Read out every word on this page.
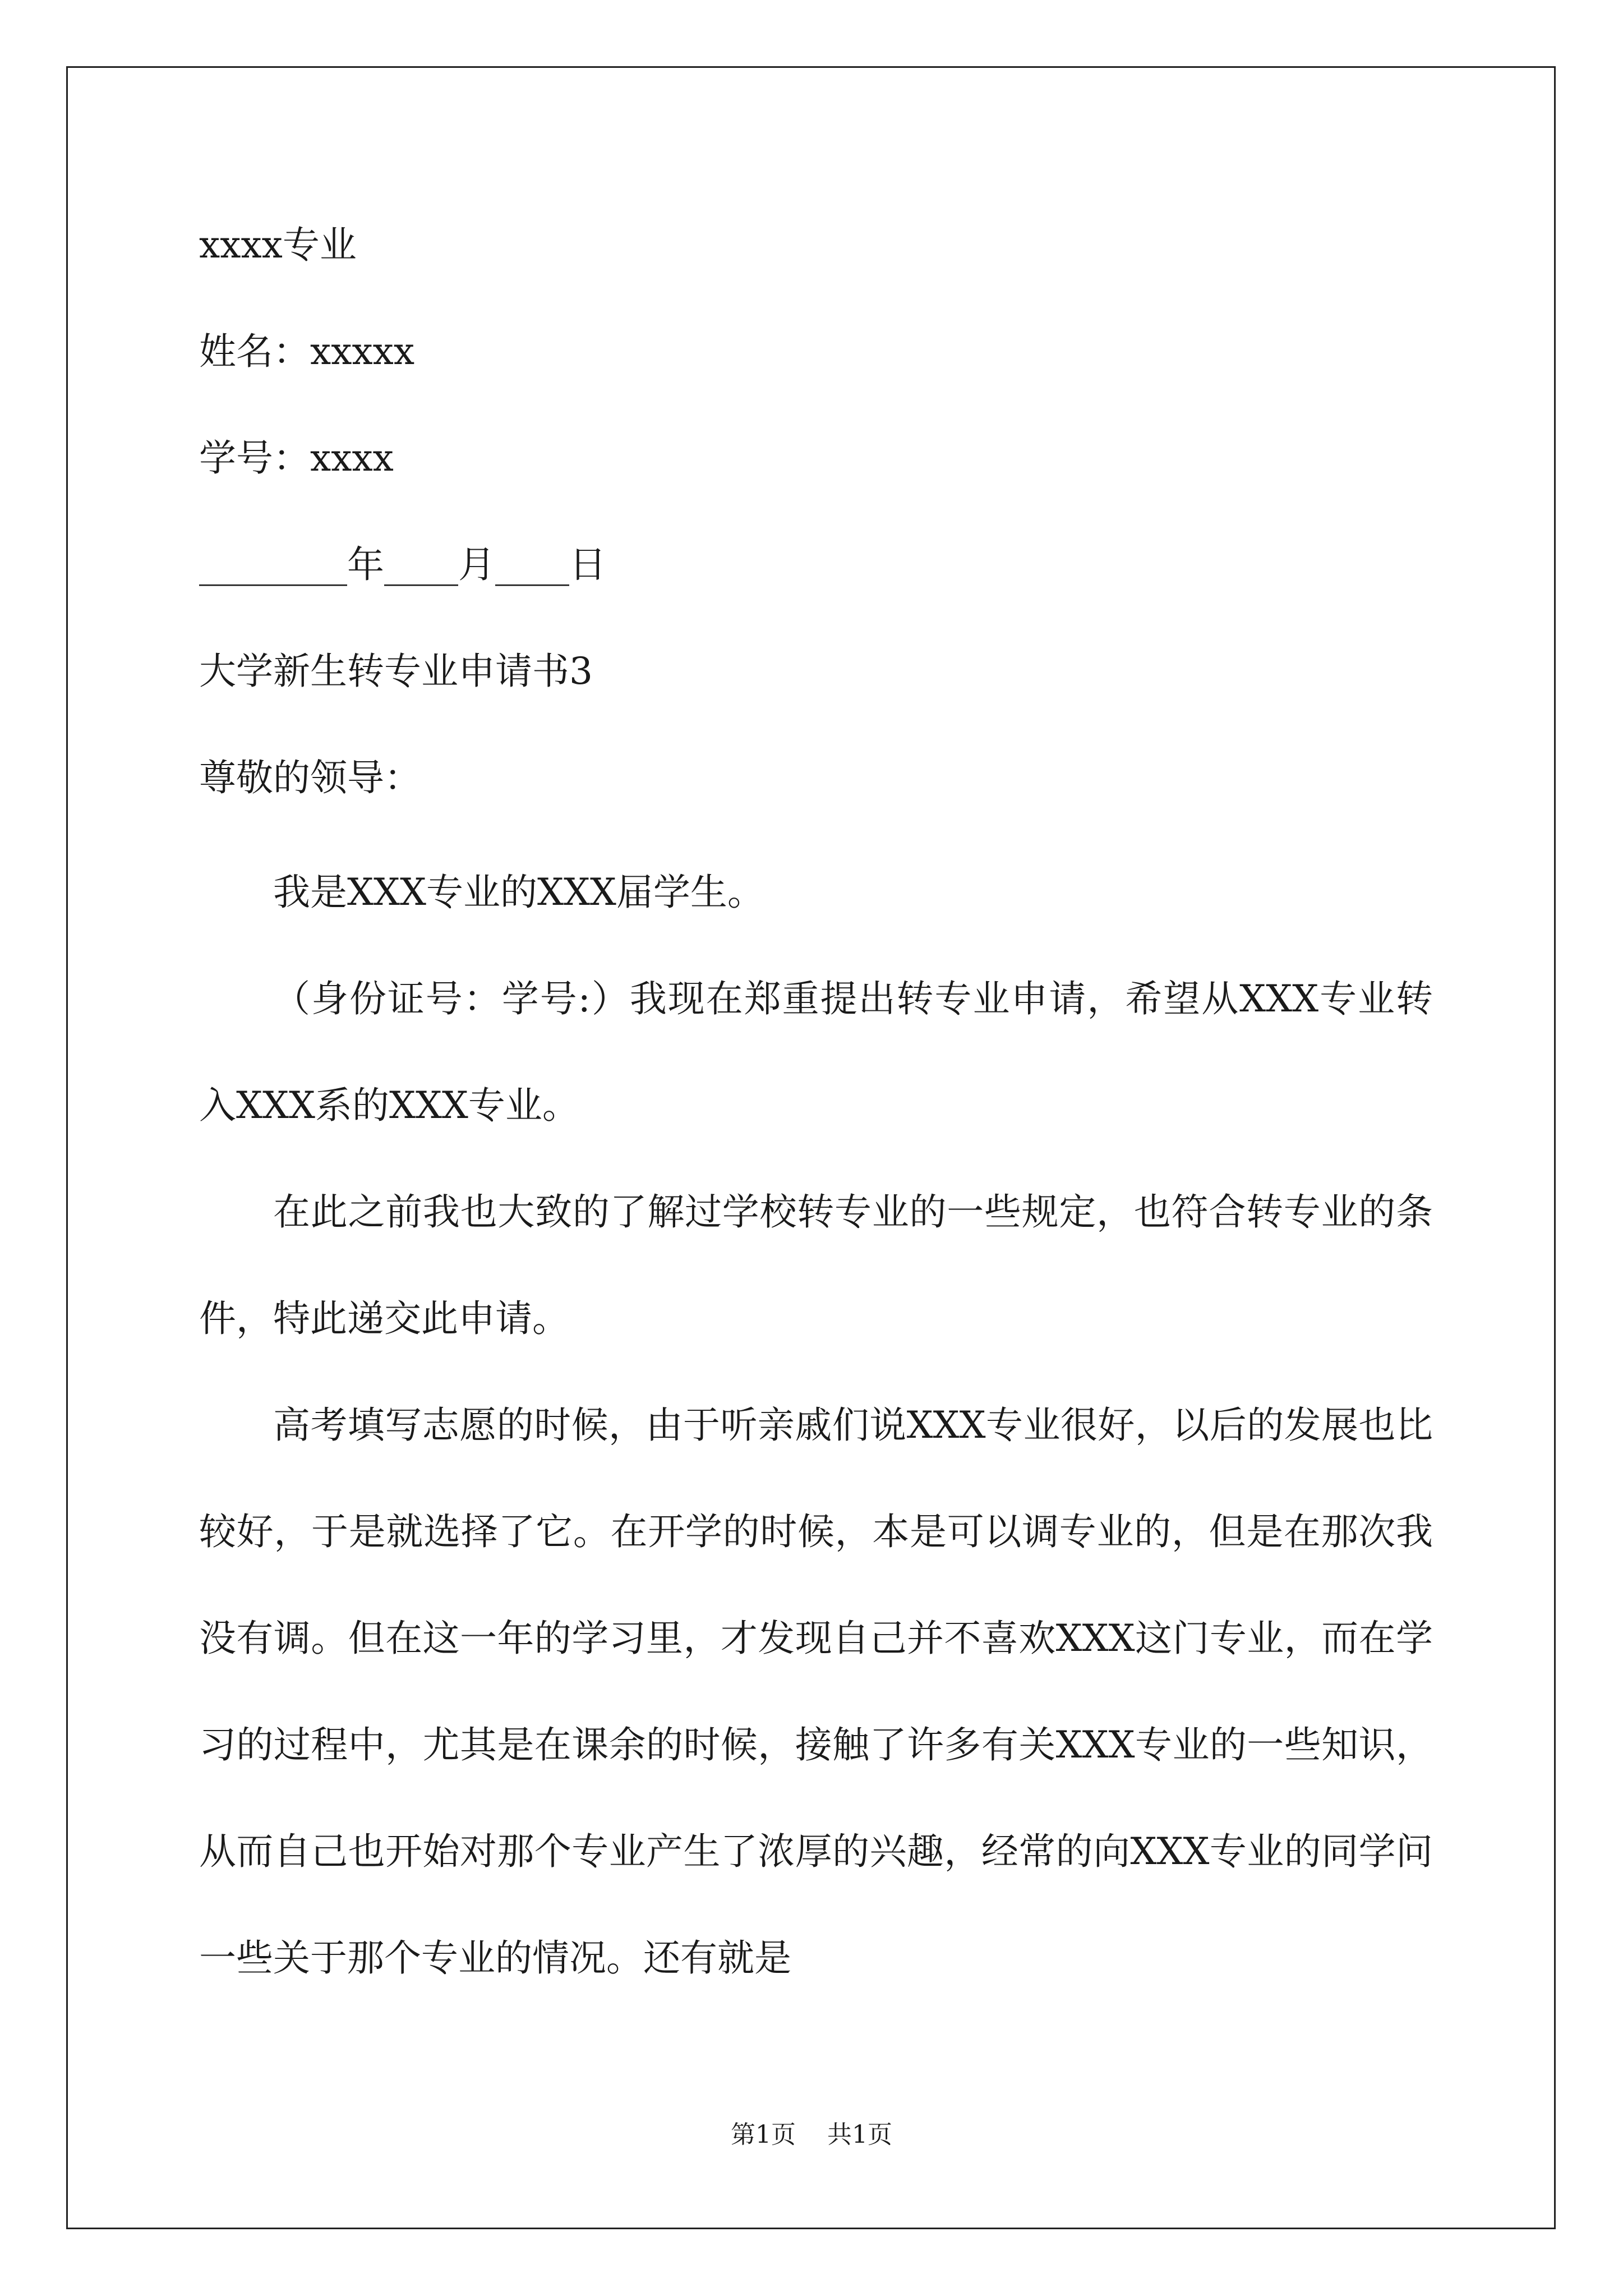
xxxx专业

姓名：xxxxx

学号：xxxx

________年____月____日

大学新生转专业申请书3

尊敬的领导：

我是XXX专业的XXX届学生。

（身份证号：学号:）我现在郑重提出转专业申请，希望从XXX专业转入XXX系的XXX专业。

在此之前我也大致的了解过学校转专业的一些规定，也符合转专业的条件，特此递交此申请。

高考填写志愿的时候，由于听亲戚们说XXX专业很好，以后的发展也比较好，于是就选择了它。在开学的时候，本是可以调专业的，但是在那次我没有调。但在这一年的学习里，才发现自己并不喜欢XXX这门专业，而在学习的过程中，尤其是在课余的时候，接触了许多有关XXX专业的一些知识，从而自己也开始对那个专业产生了浓厚的兴趣，经常的向XXX专业的同学问一些关于那个专业的情况。还有就是

第1页 共1页
